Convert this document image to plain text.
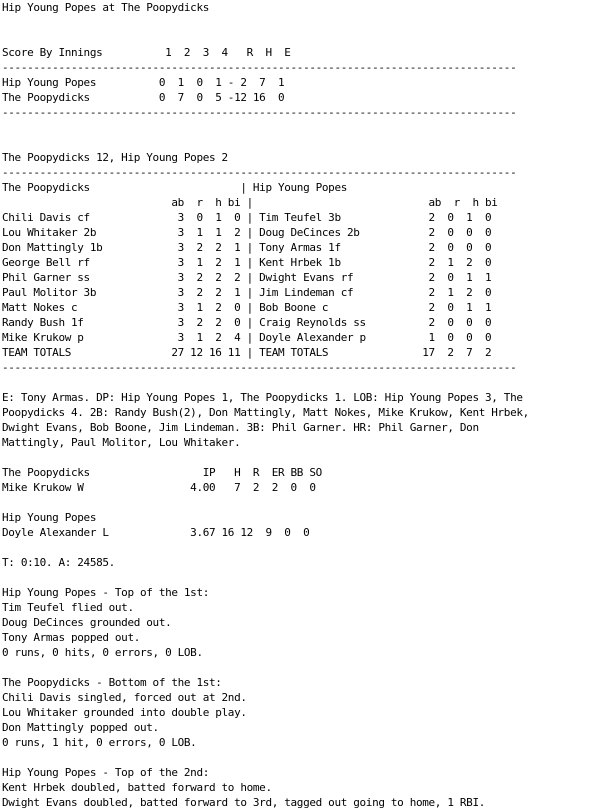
Hip Young Popes at The Poopydicks
Score By Innings          1  2  3  4   R  H  E
----------------------------------------------------------------------------------
Hip Young Popes          0  1  0  1 - 2  7  1
The Poopydicks           0  7  0  5 -12 16  0
----------------------------------------------------------------------------------
The Poopydicks 12, Hip Young Popes 2
----------------------------------------------------------------------------------
The Poopydicks                        | Hip Young Popes
ab  r  h bi |                            ab  r  h bi
Chili Davis cf              3  0  1  0 | Tim Teufel 3b              2  0  1  0
Lou Whitaker 2b             3  1  1  2 | Doug DeCinces 2b           2  0  0  0
Don Mattingly 1b            3  2  2  1 | Tony Armas 1f              2  0  0  0
George Bell rf              3  1  2  1 | Kent Hrbek 1b              2  1  2  0
Phil Garner ss              3  2  2  2 | Dwight Evans rf            2  0  1  1
Paul Molitor 3b             3  2  2  1 | Jim Lindeman cf            2  1  2  0
Matt Nokes c                3  1  2  0 | Bob Boone c                2  0  1  1
Randy Bush 1f               3  2  2  0 | Craig Reynolds ss          2  0  0  0
Mike Krukow p               3  1  2  4 | Doyle Alexander p          1  0  0  0
TEAM TOTALS                27 12 16 11 | TEAM TOTALS               17  2  7  2
----------------------------------------------------------------------------------
E: Tony Armas. DP: Hip Young Popes 1, The Poopydicks 1. LOB: Hip Young Popes 3, The
Poopydicks 4. 2B: Randy Bush(2), Don Mattingly, Matt Nokes, Mike Krukow, Kent Hrbek,
Dwight Evans, Bob Boone, Jim Lindeman. 3B: Phil Garner. HR: Phil Garner, Don
Mattingly, Paul Molitor, Lou Whitaker.
The Poopydicks                  IP   H  R  ER BB SO
Mike Krukow W                 4.00   7  2  2  0  0
Hip Young Popes
Doyle Alexander L             3.67 16 12  9  0  0
T: 0:10. A: 24585.
Hip Young Popes - Top of the 1st:
Tim Teufel flied out.
Doug DeCinces grounded out.
Tony Armas popped out.
0 runs, 0 hits, 0 errors, 0 LOB.
The Poopydicks - Bottom of the 1st:
Chili Davis singled, forced out at 2nd.
Lou Whitaker grounded into double play.
Don Mattingly popped out.
0 runs, 1 hit, 0 errors, 0 LOB.
Hip Young Popes - Top of the 2nd:
Kent Hrbek doubled, batted forward to home.
Dwight Evans doubled, batted forward to 3rd, tagged out going to home, 1 RBI.
